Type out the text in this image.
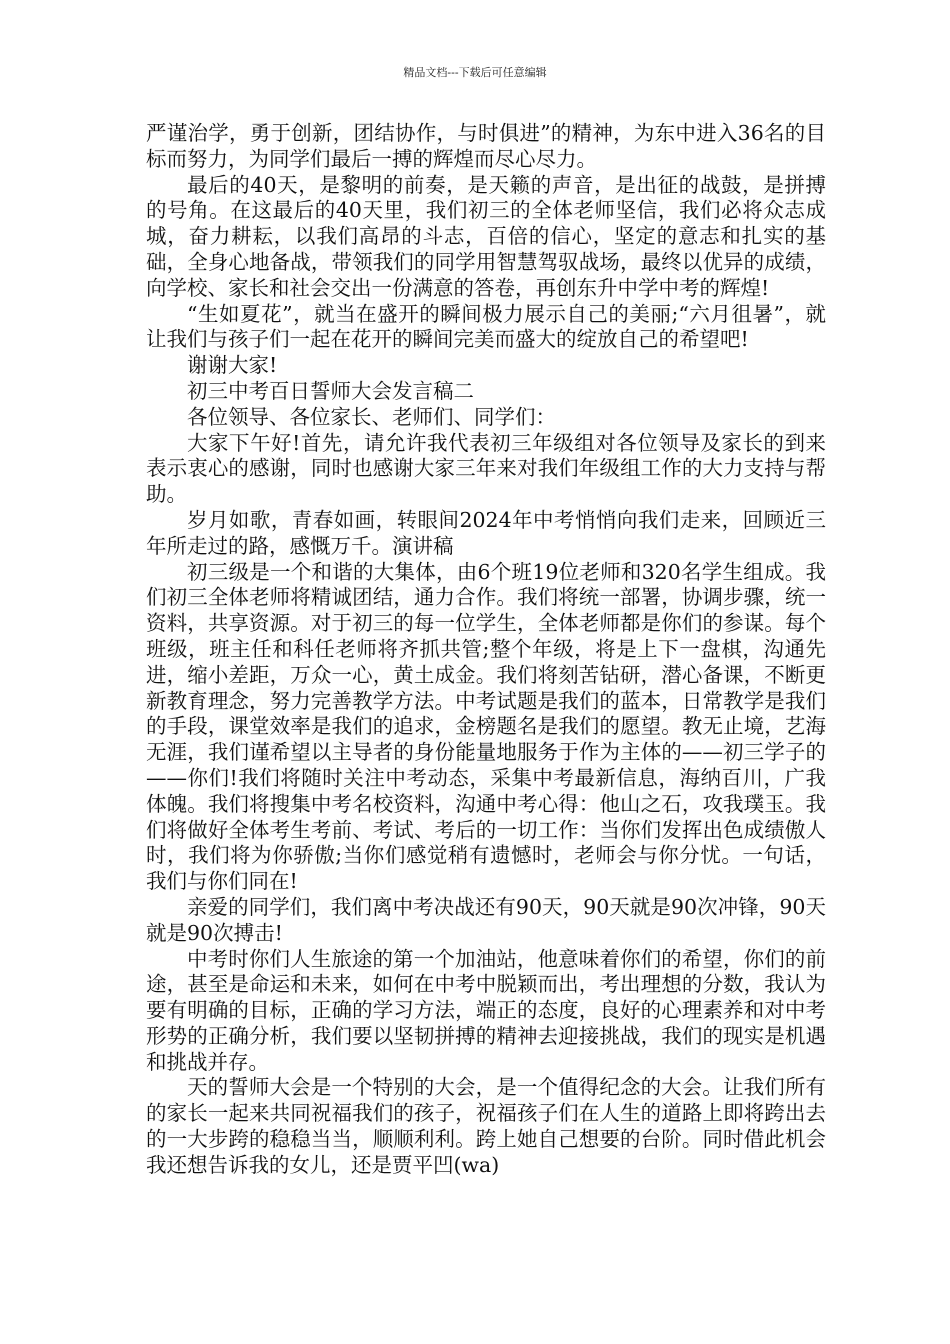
精品文档---下载后可任意编辑

严谨治学，勇于创新，团结协作，与时俱进”的精神，为东中进入36名的目标而努力，为同学们最后一搏的辉煌而尽心尽力。

最后的40天，是黎明的前奏，是天籁的声音，是出征的战鼓，是拼搏的号角。在这最后的40天里，我们初三的全体老师坚信，我们必将众志成城，奋力耕耘，以我们高昂的斗志，百倍的信心，坚定的意志和扎实的基础，全身心地备战，带领我们的同学用智慧驾驭战场，最终以优异的成绩，向学校、家长和社会交出一份满意的答卷，再创东升中学中考的辉煌!

“生如夏花”，就当在盛开的瞬间极力展示自己的美丽;“六月徂暑”，就让我们与孩子们一起在花开的瞬间完美而盛大的绽放自己的希望吧!

谢谢大家!

初三中考百日誓师大会发言稿二

各位领导、各位家长、老师们、同学们：

大家下午好!首先，请允许我代表初三年级组对各位领导及家长的到来表示衷心的感谢，同时也感谢大家三年来对我们年级组工作的大力支持与帮助。

岁月如歌，青春如画，转眼间2024年中考悄悄向我们走来，回顾近三年所走过的路，感慨万千。演讲稿

初三级是一个和谐的大集体，由6个班19位老师和320名学生组成。我们初三全体老师将精诚团结，通力合作。我们将统一部署，协调步骤，统一资料，共享资源。对于初三的每一位学生，全体老师都是你们的参谋。每个班级，班主任和科任老师将齐抓共管;整个年级，将是上下一盘棋，沟通先进，缩小差距，万众一心，黄土成金。我们将刻苦钻研，潜心备课，不断更新教育理念，努力完善教学方法。中考试题是我们的蓝本，日常教学是我们的手段，课堂效率是我们的追求，金榜题名是我们的愿望。教无止境，艺海无涯，我们谨希望以主导者的身份能量地服务于作为主体的——初三学子的——你们!我们将随时关注中考动态，采集中考最新信息，海纳百川，广我体魄。我们将搜集中考名校资料，沟通中考心得：他山之石，攻我璞玉。我们将做好全体考生考前、考试、考后的一切工作：当你们发挥出色成绩傲人时，我们将为你骄傲;当你们感觉稍有遗憾时，老师会与你分忧。一句话，我们与你们同在!

亲爱的同学们，我们离中考决战还有90天，90天就是90次冲锋，90天就是90次搏击!

中考时你们人生旅途的第一个加油站，他意味着你们的希望，你们的前途，甚至是命运和未来，如何在中考中脱颖而出，考出理想的分数，我认为要有明确的目标，正确的学习方法，端正的态度，良好的心理素养和对中考形势的正确分析，我们要以坚韧拼搏的精神去迎接挑战，我们的现实是机遇和挑战并存。

天的誓师大会是一个特别的大会，是一个值得纪念的大会。让我们所有的家长一起来共同祝福我们的孩子，祝福孩子们在人生的道路上即将跨出去的一大步跨的稳稳当当，顺顺利利。跨上她自己想要的台阶。同时借此机会我还想告诉我的女儿，还是贾平凹(wa)
